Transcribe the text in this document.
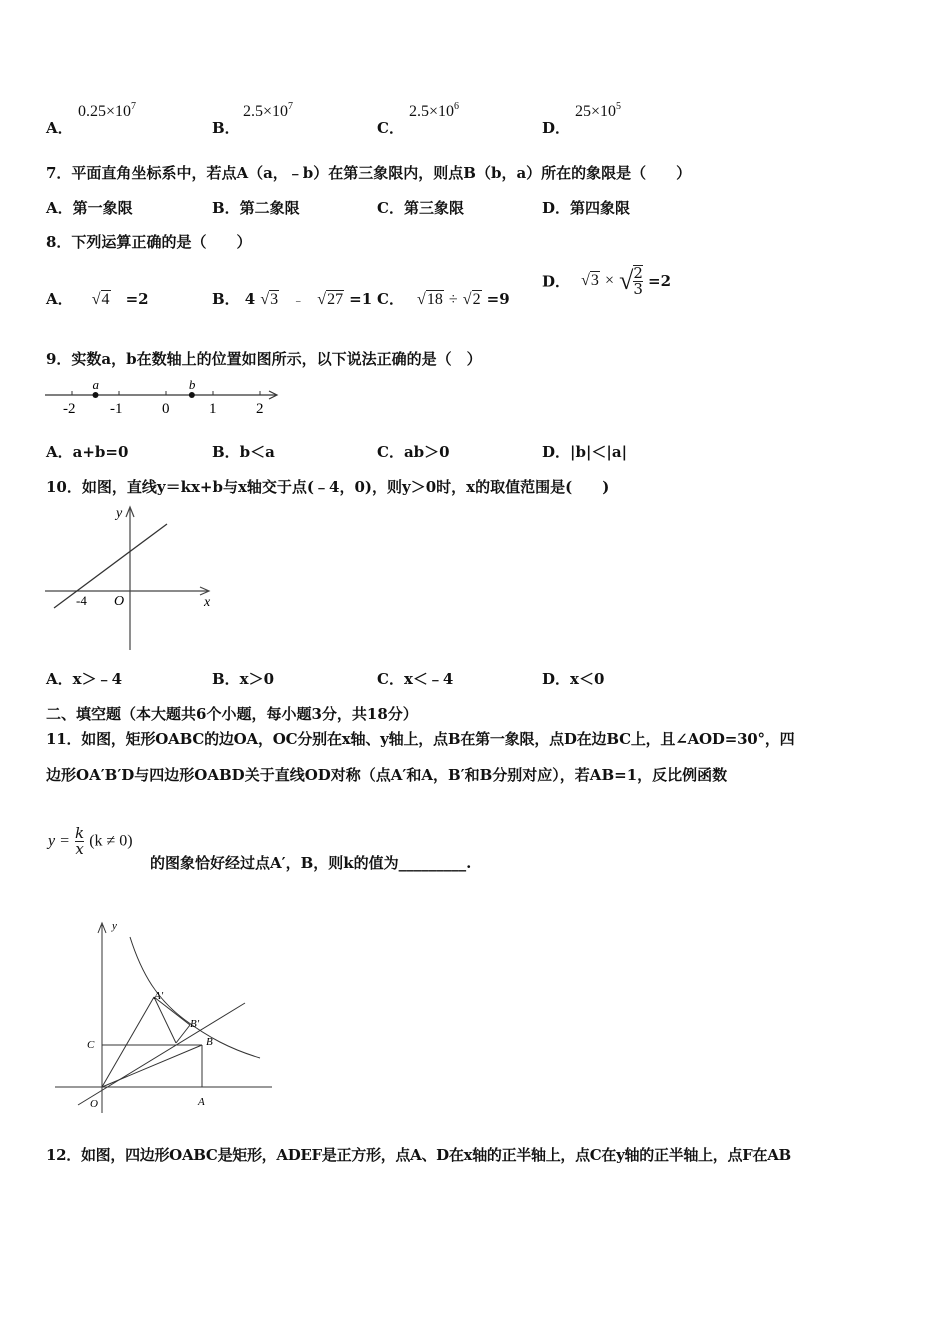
A．
$0.25\times 10^7$
B．
$2.5\times 10^7$
C．
$2.5\times 10^6$
D．
$25\times 10^5$
7．平面直角坐标系中，若点A（a，﹣b）在第三象限内，则点B（b，a）所在的象限是（　　）
A．第一象限	B．第二象限	C．第三象限	D．第四象限
8．下列运算正确的是（　　）
A． √4 =2	B． 4 √3 ﹣ √27 =1 C． √18 ÷ √2 =9
D． √3 × √ $\frac{2}{3} =2$
9．实数a，b在数轴上的位置如图所示，以下说法正确的是（　）
-2 -1	0	1	2
a	b
A．a+b=0	B．b＜a	C．ab＞0	D．|b|＜|a|
10．如图，直线y＝kx+b与x轴交于点(﹣4，0)，则y＞0时，x的取值范围是(　　)
x
y
O
-4
A．x＞﹣4	B．x＞0	C．x＜﹣4	D．x＜0
二、填空题（本大题共6个小题，每小题3分，共18分）
11．如图，矩形OABC的边OA，OC分别在x轴、y轴上，点B在第一象限，点D在边BC上，且∠AOD=30°，四
边形OA′B′D与四边形OABD关于直线OD对称（点A′和A，B′和B分别对应），若AB=1，反比例函数
$y = \frac{k}{x} (k \ne 0)$
的图象恰好经过点A′，B，则k的值为_________.
y
A′
B′
B
C
O	A
12．如图，四边形OABC是矩形，ADEF是正方形，点A、D在x轴的正半轴上，点C在y轴的正半轴上，点F在AB
